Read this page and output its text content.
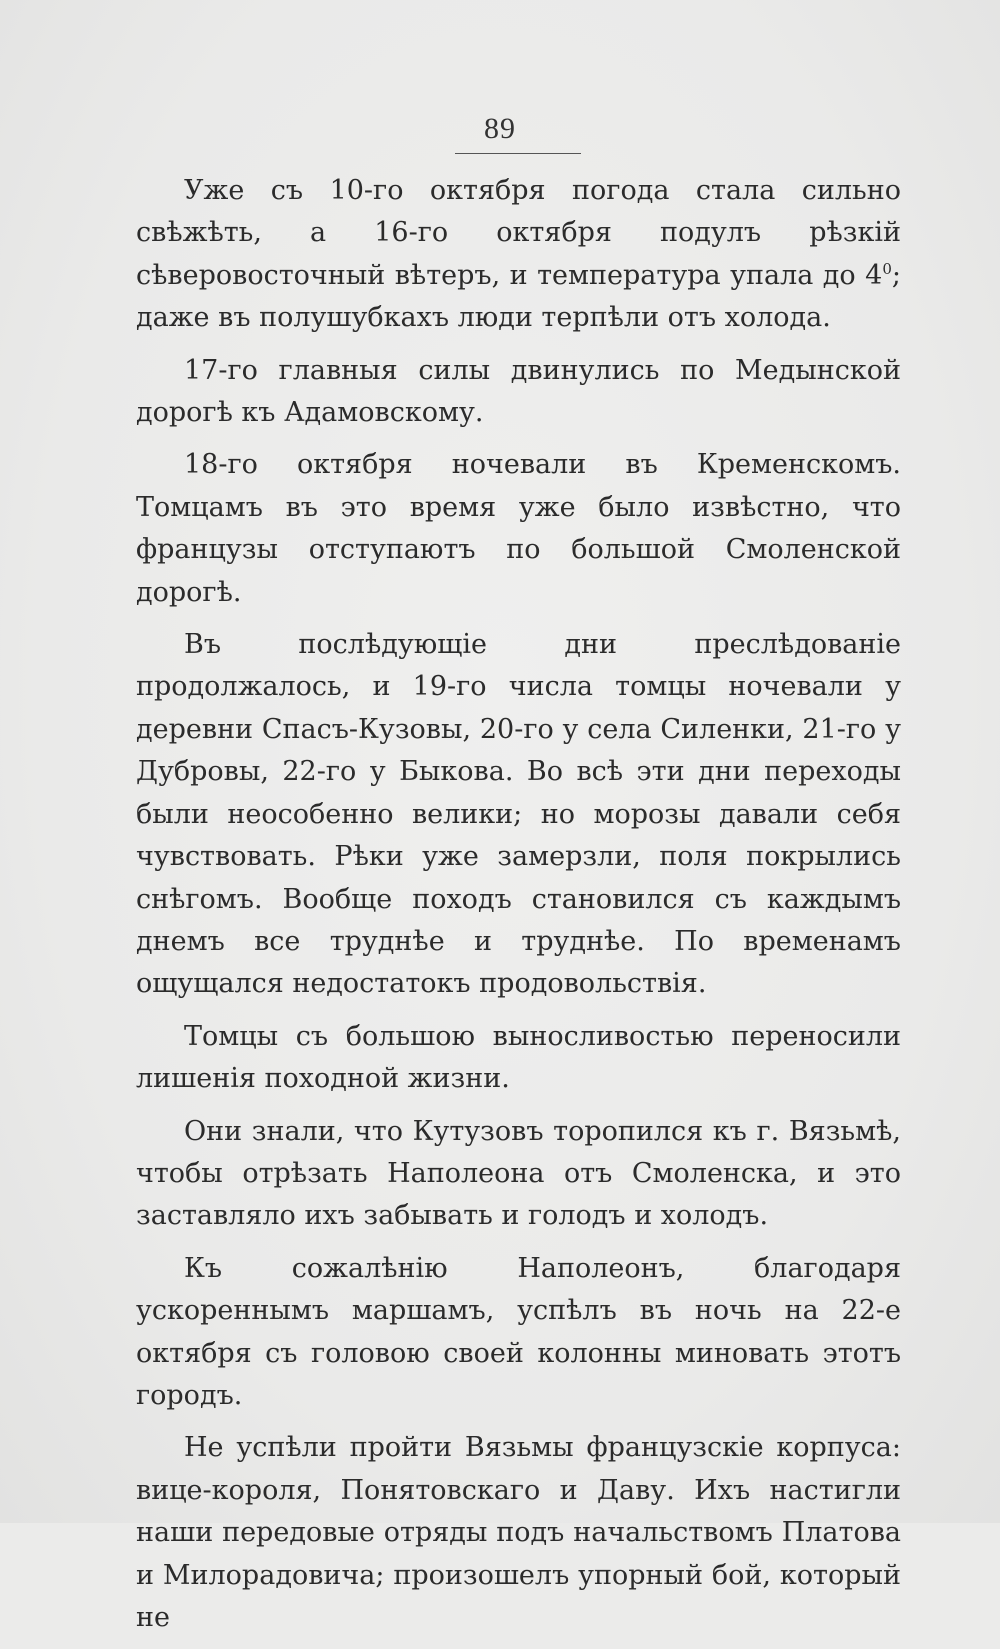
89

Уже съ 10-го октября погода стала сильно свѣжѣть, а 16-го октября подулъ рѣзкій сѣверовосточный вѣтеръ, и температура упала до $4^0$; даже въ полушубкахъ люди терпѣли отъ холода.

17-го главныя силы двинулись по Медынской дорогѣ къ Адамовскому.

18-го октября ночевали въ Кременскомъ. Томцамъ въ это время уже было извѣстно, что французы отступаютъ по большой Смоленской дорогѣ.

Въ послѣдующіе дни преслѣдованіе продолжалось, и 19-го числа томцы ночевали у деревни Спасъ-Кузовы, 20-го у села Силенки, 21-го у Дубровы, 22-го у Быкова. Во всѣ эти дни переходы были неособенно велики; но морозы давали себя чувствовать. Рѣки уже замерзли, поля покрылись снѣгомъ. Вообще походъ становился съ каждымъ днемъ все труднѣе и труднѣе. По временамъ ощущался недостатокъ продовольствія.

Томцы съ большою выносливостью переносили лишенія походной жизни.

Они знали, что Кутузовъ торопился къ г. Вязьмѣ, чтобы отрѣзать Наполеона отъ Смоленска, и это заставляло ихъ забывать и голодъ и холодъ.

Къ сожалѣнію Наполеонъ, благодаря ускореннымъ маршамъ, успѣлъ въ ночь на 22-е октября съ головою своей колонны миновать этотъ городъ.

Не успѣли пройти Вязьмы французскіе корпуса: вице-короля, Понятовскаго и Даву. Ихъ настигли наши передовые отряды подъ начальствомъ Платова и Милорадовича; произошелъ упорный бой, который не
